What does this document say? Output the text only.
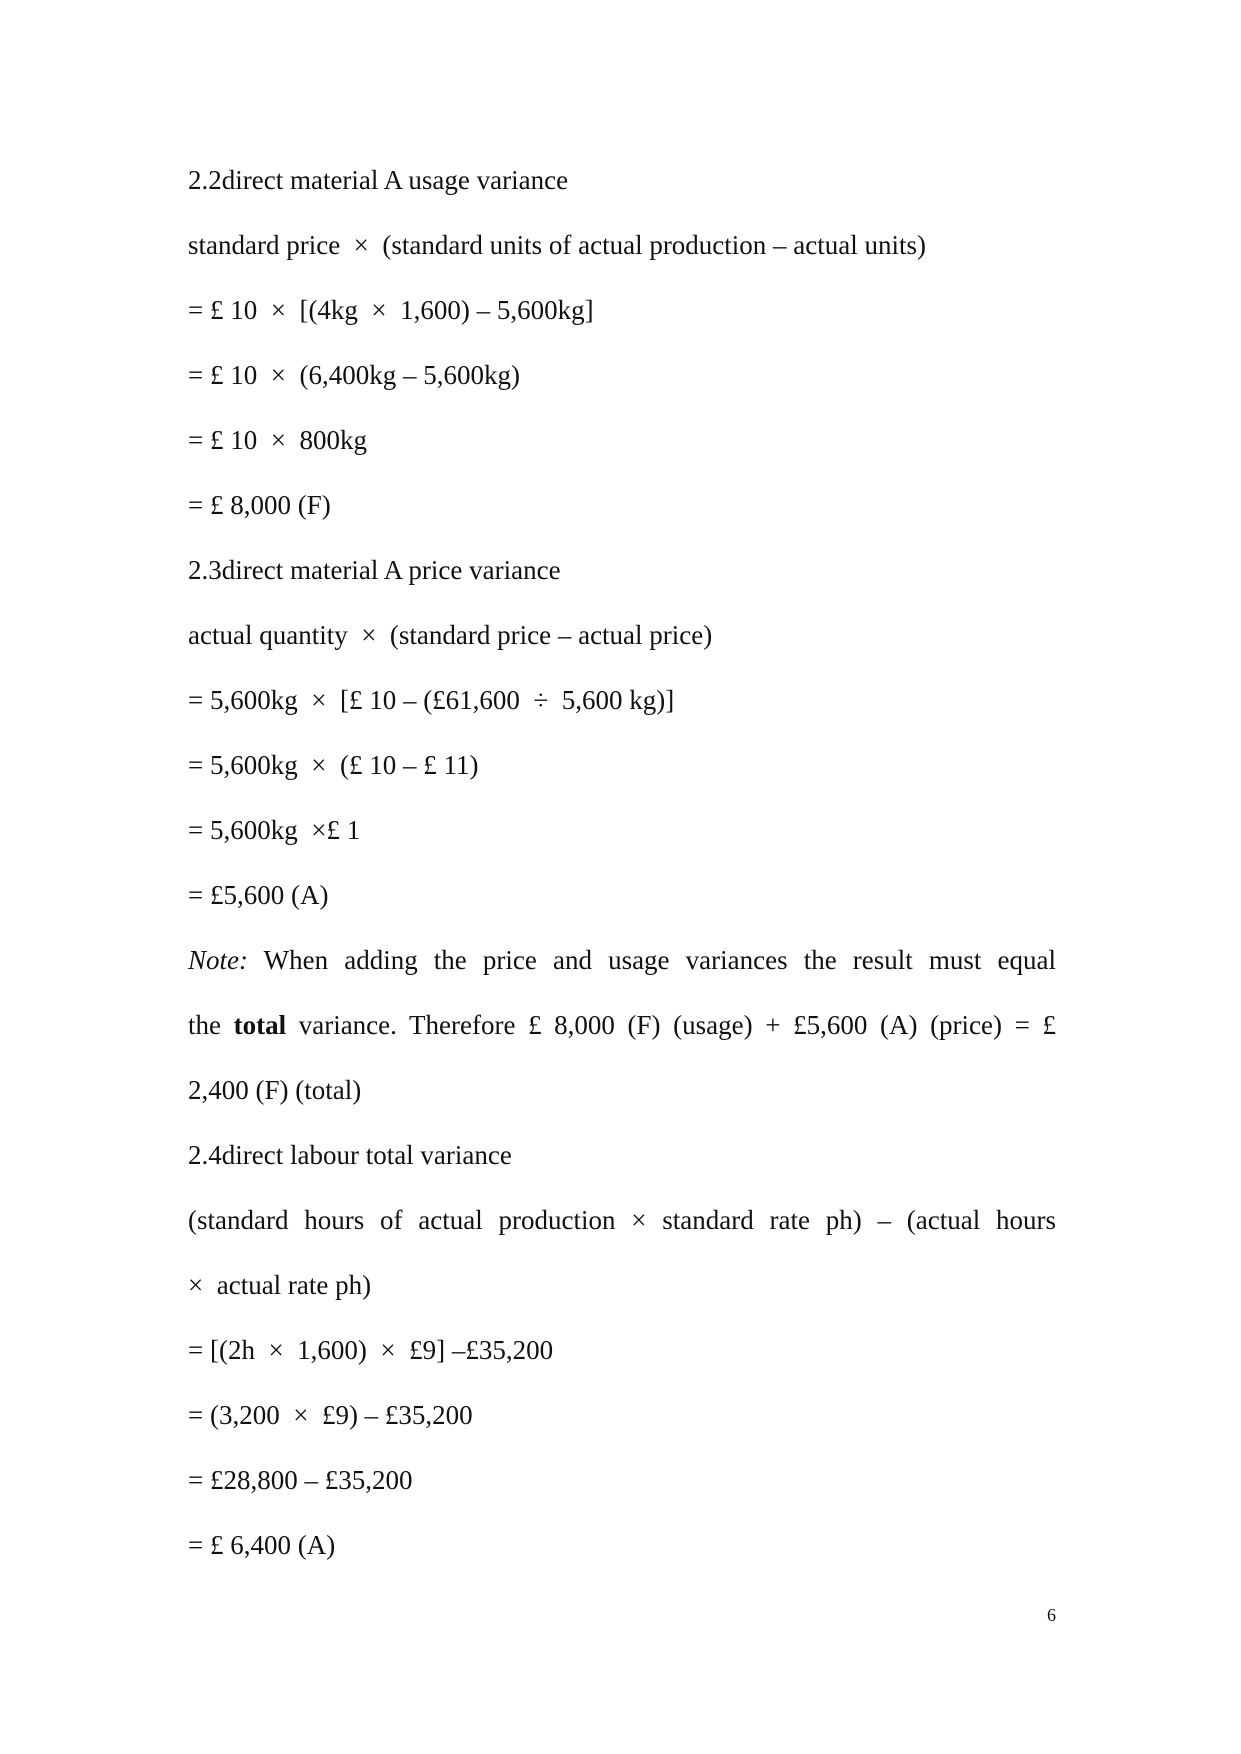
2.2direct material A usage variance
standard price  ×  (standard units of actual production – actual units)
= £ 10  ×  [(4kg  ×  1,600) – 5,600kg]
= £ 10  ×  (6,400kg – 5,600kg)
= £ 10  ×  800kg
= £ 8,000 (F)
2.3direct material A price variance
actual quantity  ×  (standard price – actual price)
= 5,600kg  ×  [£ 10 – (£61,600  ÷  5,600 kg)]
= 5,600kg  ×  (£ 10 – £ 11)
= 5,600kg  ×£ 1
= £5,600 (A)
Note: When adding the price and usage variances the result must equal
the total variance. Therefore £ 8,000 (F) (usage) + £5,600 (A) (price) = £
2,400 (F) (total)
2.4direct labour total variance
(standard hours of actual production × standard rate ph) – (actual hours
×  actual rate ph)
= [(2h  ×  1,600)  ×  £9] –£35,200
= (3,200  ×  £9) – £35,200
= £28,800 – £35,200
= £ 6,400 (A)
6
